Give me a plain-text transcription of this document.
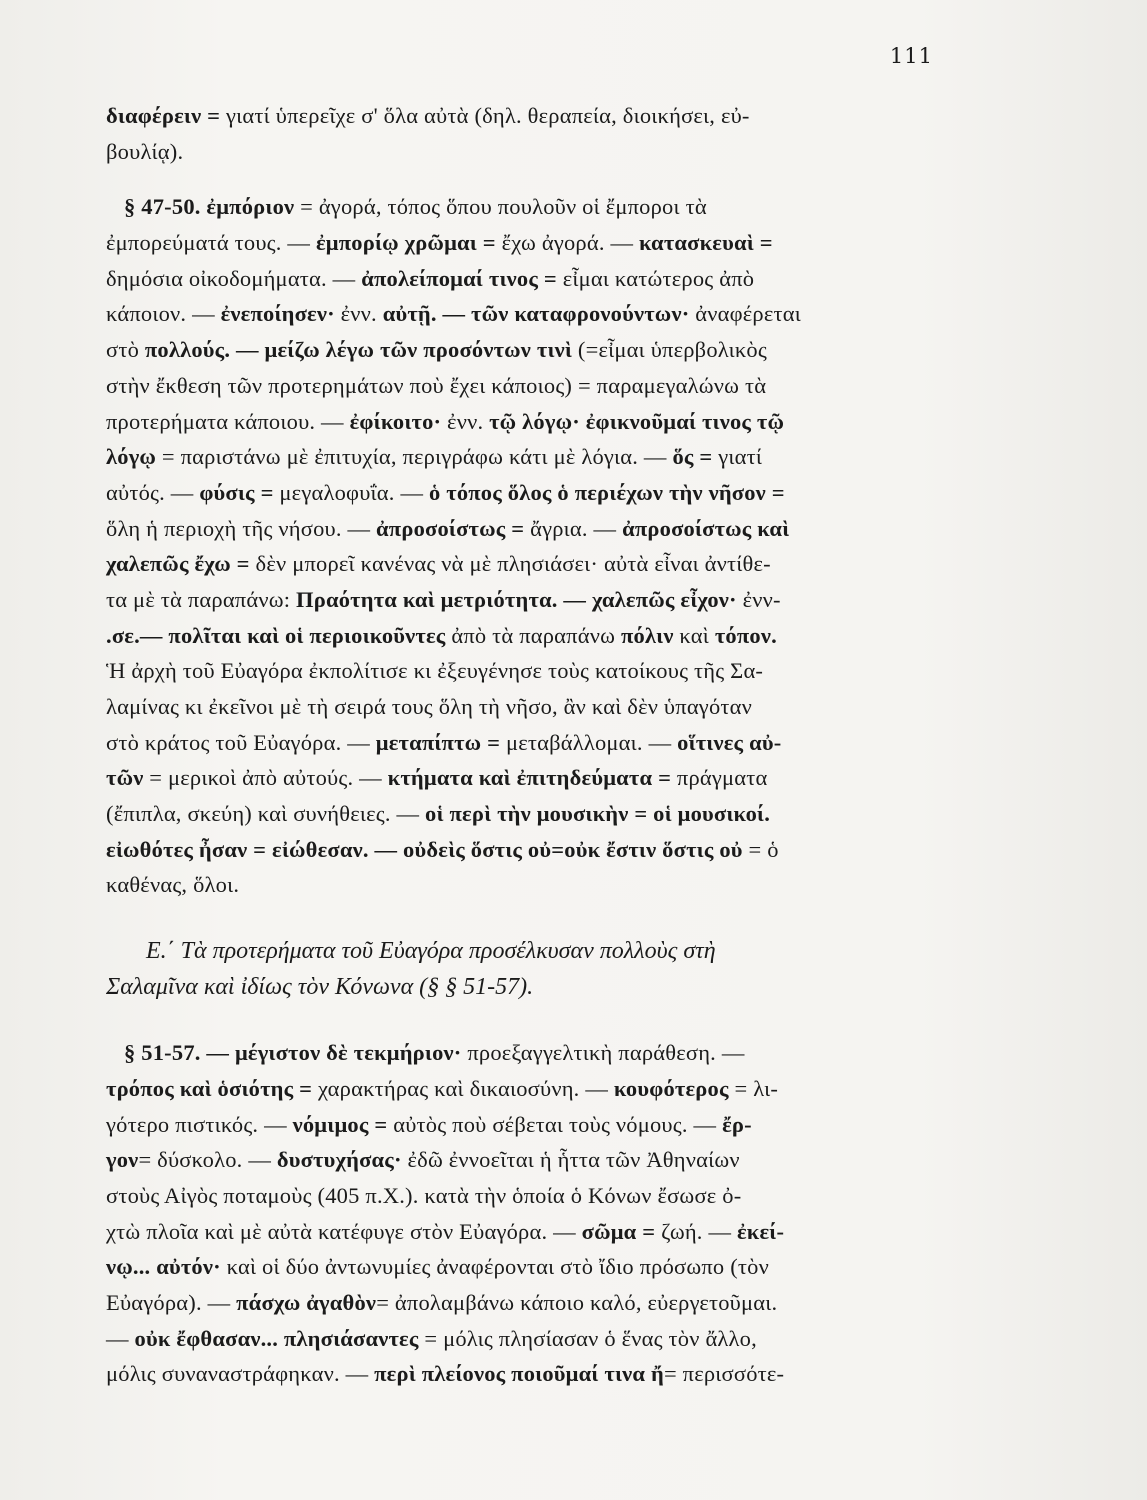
111
διαφέρειν = γιατί ὑπερεῖχε σ' ὅλα αὐτὰ (δηλ. θεραπεία, διοικήσει, εὐ-
βουλίᾳ).
§ 47-50. ἐμπόριον = ἀγορά, τόπος ὅπου πουλοῦν οἱ ἔμποροι τὰ
ἐμπορεύματά τους. — ἐμπορίῳ χρῶμαι = ἔχω ἀγορά. — κατασκευαὶ =
δημόσια οἰκοδομήματα. — ἀπολείπομαί τινος = εἶμαι κατώτερος ἀπὸ
κάποιον. — ἐνεποίησεν· ἐνν. αὐτῇ. — τῶν καταφρονούντων· ἀναφέρεται
στὸ πολλούς. — μείζω λέγω τῶν προσόντων τινὶ (=εἶμαι ὑπερβολικὸς
στὴν ἔκθεση τῶν προτερημάτων ποὺ ἔχει κάποιος) = παραμεγαλώνω τὰ
προτερήματα κάποιου. — ἐφίκοιτο· ἐνν. τῷ λόγῳ· ἐφικνοῦμαί τινος τῷ
λόγῳ = παριστάνω μὲ ἐπιτυχία, περιγράφω κάτι μὲ λόγια. — ὅς = γιατί
αὐτός. — φύσις = μεγαλοφυΐα. — ὁ τόπος ὅλος ὁ περιέχων τὴν νῆσον =
ὅλη ἡ περιοχὴ τῆς νήσου. — ἀπροσοίστως = ἄγρια. — ἀπροσοίστως καὶ
χαλεπῶς ἔχω = δὲν μπορεῖ κανένας νὰ μὲ πλησιάσει· αὐτὰ εἶναι ἀντίθε-
τα μὲ τὰ παραπάνω: Πραότητα καὶ μετριότητα. — χαλεπῶς εἶχον· ἐνν-
.σε.— πολῖται καὶ οἱ περιοικοῦντες ἀπὸ τὰ παραπάνω πόλιν καὶ τόπον.
Ἡ ἀρχὴ τοῦ Εὐαγόρα ἐκπολίτισε κι ἐξευγένησε τοὺς κατοίκους τῆς Σα-
λαμίνας κι ἐκεῖνοι μὲ τὴ σειρά τους ὅλη τὴ νῆσο, ἂν καὶ δὲν ὑπαγόταν
στὸ κράτος τοῦ Εὐαγόρα. — μεταπίπτω = μεταβάλλομαι. — οἵτινες αὐ-
τῶν = μερικοὶ ἀπὸ αὐτούς. — κτήματα καὶ ἐπιτηδεύματα = πράγματα
(ἔπιπλα, σκεύη) καὶ συνήθειες. — οἱ περὶ τὴν μουσικὴν = οἱ μουσικοί.
εἰωθότες ἦσαν = εἰώθεσαν. — οὐδεὶς ὅστις οὐ=οὐκ ἔστιν ὅστις οὐ = ὁ
καθένας, ὅλοι.
Ε.΄ Τὰ προτερήματα τοῦ Εὐαγόρα προσέλκυσαν πολλοὺς στὴ
Σαλαμῖνα καὶ ἰδίως τὸν Κόνωνα (§ § 51-57).
§ 51-57. — μέγιστον δὲ τεκμήριον· προεξαγγελτικὴ παράθεση. —
τρόπος καὶ ὁσιότης = χαρακτήρας καὶ δικαιοσύνη. — κουφότερος = λι-
γότερο πιστικός. — νόμιμος = αὐτὸς ποὺ σέβεται τοὺς νόμους. — ἔρ-
γον= δύσκολο. — δυστυχήσας· ἐδῶ ἐννοεῖται ἡ ἧττα τῶν Ἀθηναίων
στοὺς Αἰγὸς ποταμοὺς (405 π.Χ.). κατὰ τὴν ὁποία ὁ Κόνων ἔσωσε ὀ-
χτὼ πλοῖα καὶ μὲ αὐτὰ κατέφυγε στὸν Εὐαγόρα. — σῶμα = ζωή. — ἐκεί-
νῳ... αὐτόν· καὶ οἱ δύο ἀντωνυμίες ἀναφέρονται στὸ ἴδιο πρόσωπο (τὸν
Εὐαγόρα). — πάσχω ἀγαθὸν= ἀπολαμβάνω κάποιο καλό, εὐεργετοῦμαι.
— οὐκ ἔφθασαν... πλησιάσαντες = μόλις πλησίασαν ὁ ἕνας τὸν ἄλλο,
μόλις συναναστράφηκαν. — περὶ πλείονος ποιοῦμαί τινα ἤ= περισσότε-
